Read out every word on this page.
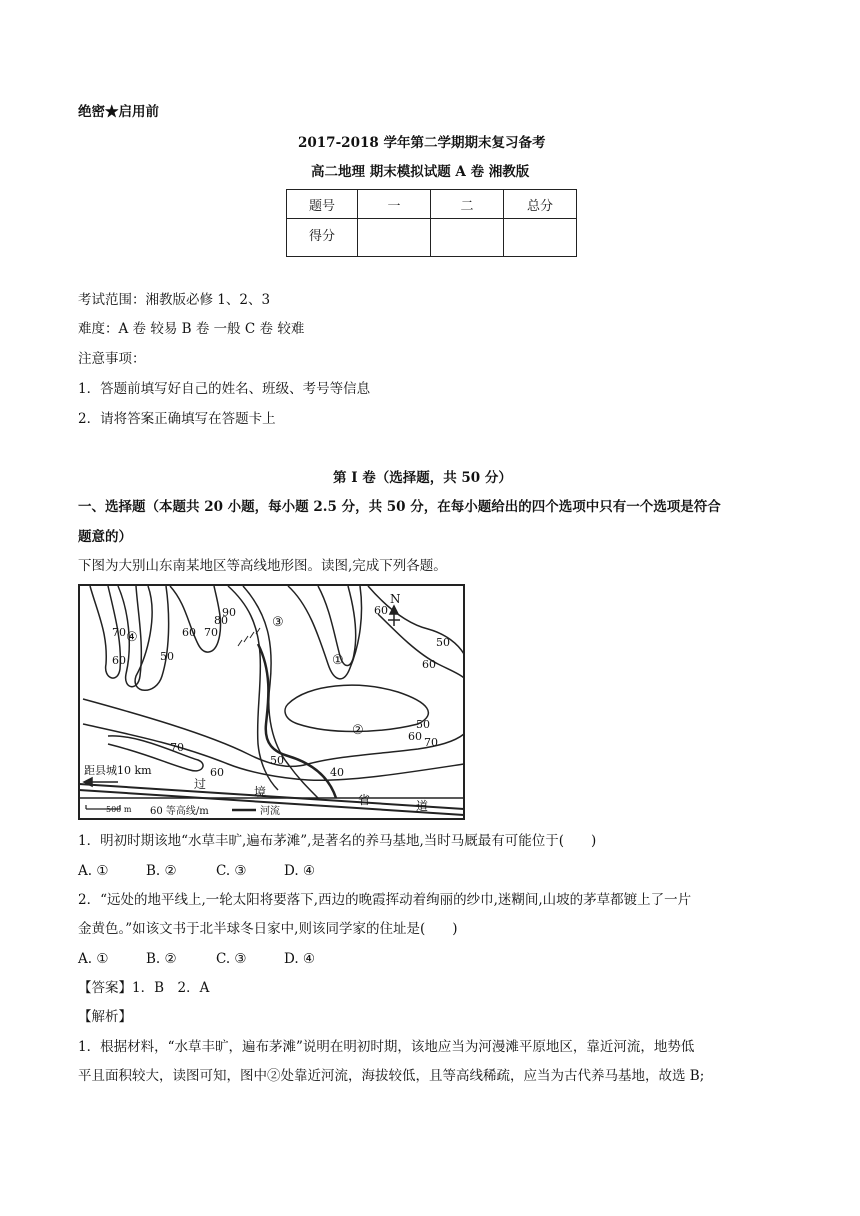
绝密★启用前
2017-2018 学年第二学期期末复习备考
高二地理 期末模拟试题 A 卷 湘教版
题号	一	二	总分
得分			
考试范围：湘教版必修 1、2、3
难度：A 卷 较易 B 卷 一般 C 卷 较难
注意事项：
1．答题前填写好自己的姓名、班级、考号等信息
2．请将答案正确填写在答题卡上
第 I 卷（选择题，共 50 分）
一、选择题（本题共 20 小题，每小题 2.5 分，共 50 分，在每小题给出的四个选项中只有一个选项是符合
题意的）
下图为大别山东南某地区等高线地形图。读图,完成下列各题。
N
①
②
③
④
70
60	50
60 70
80
90	60
50
60
50
60 70
70
60
50
40
距县城10 km
过
境
省	道
500 m 60 等高线/m	河流
1．明初时期该地“水草丰旷,遍布茅滩”,是著名的养马基地,当时马厩最有可能位于(　　)
A. ①	B. ②	C. ③	D. ④
2．“远处的地平线上,一轮太阳将要落下,西边的晚霞挥动着绚丽的纱巾,迷糊间,山坡的茅草都镀上了一片
金黄色。”如该文书于北半球冬日家中,则该同学家的住址是(　　)
A. ①	B. ②	C. ③	D. ④
【答案】1．B　2．A
【解析】
1．根据材料，“水草丰旷，遍布茅滩”说明在明初时期，该地应当为河漫滩平原地区，靠近河流，地势低
平且面积较大，读图可知，图中②处靠近河流，海拔较低，且等高线稀疏，应当为古代养马基地，故选 B;
